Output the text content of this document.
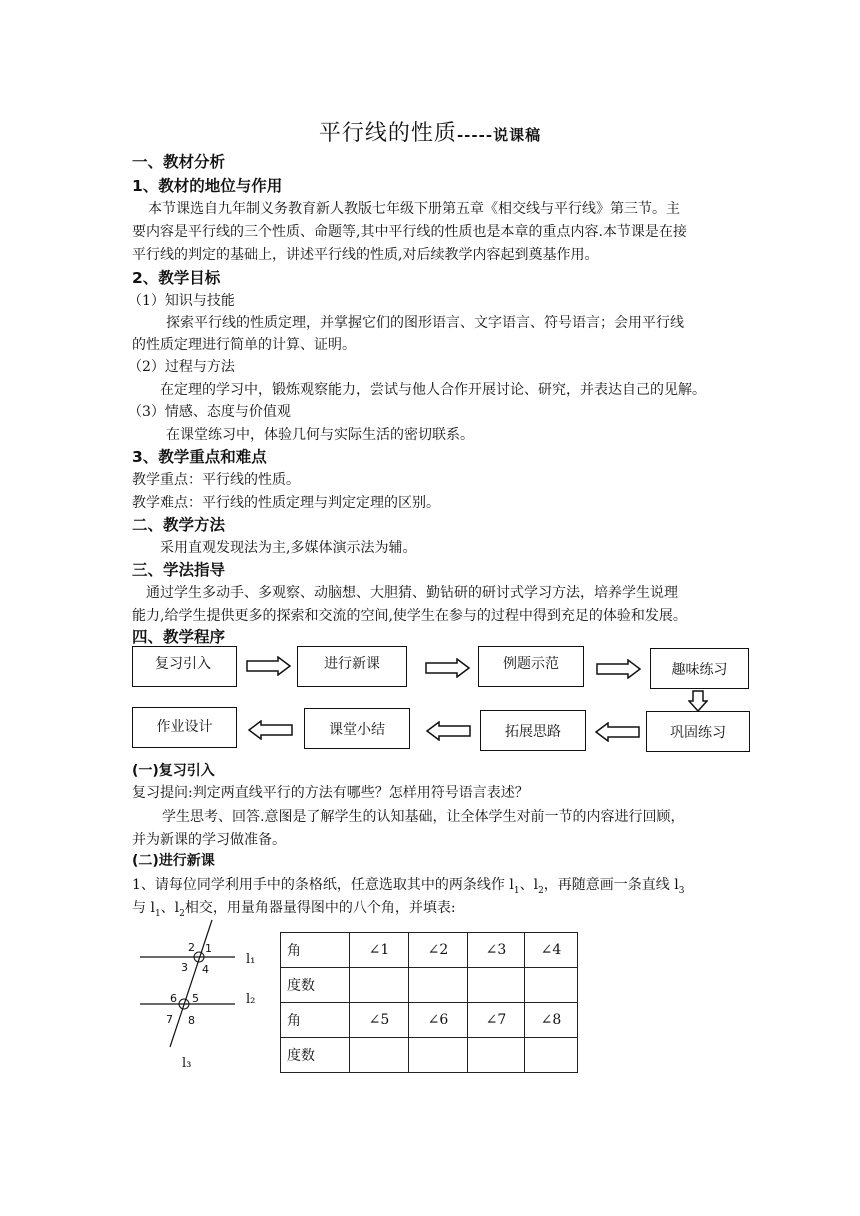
平行线的性质-----说课稿
一、教材分析
1、教材的地位与作用
本节课选自九年制义务教育新人教版七年级下册第五章《相交线与平行线》第三节。主
要内容是平行线的三个性质、命题等,其中平行线的性质也是本章的重点内容.本节课是在接
平行线的判定的基础上，讲述平行线的性质,对后续教学内容起到奠基作用。
2、教学目标
（1）知识与技能
探索平行线的性质定理，并掌握它们的图形语言、文字语言、符号语言；会用平行线
的性质定理进行简单的计算、证明。
（2）过程与方法
在定理的学习中，锻炼观察能力，尝试与他人合作开展讨论、研究，并表达自己的见解。
（3）情感、态度与价值观
在课堂练习中，体验几何与实际生活的密切联系。
3、教学重点和难点
教学重点：平行线的性质。
教学难点：平行线的性质定理与判定定理的区别。
二、教学方法
采用直观发现法为主,多媒体演示法为辅。
三、学法指导
通过学生多动手、多观察、动脑想、大胆猜、勤钻研的研讨式学习方法，培养学生说理
能力,给学生提供更多的探索和交流的空间,使学生在参与的过程中得到充足的体验和发展。
四、教学程序
复习引入	进行新课	例题示范	趣味练习
巩固练习
拓展思路
课堂小结
作业设计
(一)复习引入
复习提问:判定两直线平行的方法有哪些？怎样用符号语言表述？
学生思考、回答.意图是了解学生的认知基础，让全体学生对前一节的内容进行回顾，
并为新课的学习做准备。
(二)进行新课
1、请每位同学利用手中的条格纸，任意选取其中的两条线作 $l_1$、$l_2$，再随意画一条直线 $l_3$
与 $l_1$、$l_2$相交，用量角器量得图中的八个角，并填表:
1
2
3 4
5
6
7 8
l₁
l₂
l₃
角	∠1	∠2	∠3	∠4
度数				
角	∠5	∠6	∠7	∠8
度数				
